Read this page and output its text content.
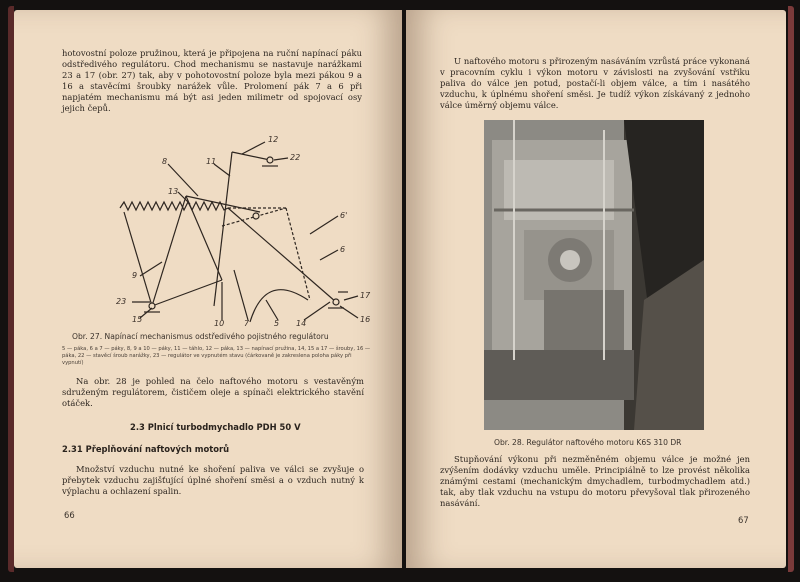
hotovostní poloze pružinou, která je připojena na ruční napínací páku odstředivého regulátoru. Chod mechanismu se nastavuje narážkami 23 a 17 (obr. 27) tak, aby v pohotovostní poloze byla mezi pákou 9 a 16 a stavěcími šroubky narážek vůle. Prolomení pák 7 a 6 při napjatém mechanismu má být asi jeden milimetr od spojovací osy jejich čepů.
12
22
8	11
13
6'
6
9
23
15	10 7	5 14
17
16
Obr. 27. Napínací mechanismus odstředivého pojistného regulátoru
5 — páka, 6 a 7 — páky, 8, 9 a 10 — páky, 11 — táhlo, 12 — páka, 13 — napínací pružina, 14, 15 a 17 — šrouby, 16 — páka, 22 — stavěcí šroub narážky, 23 — regulátor ve vypnutém stavu (čárkovaně je zakreslena poloha páky při vypnutí)
Na obr. 28 je pohled na čelo naftového motoru s vestavěným sdruženým regulátorem, čističem oleje a spínači elektrického stavění otáček.
2.3 Plnicí turbodmychadlo PDH 50 V
2.31 Přeplňování naftových motorů
Množství vzduchu nutné ke shoření paliva ve válci se zvyšuje o přebytek vzduchu zajišťující úplné shoření směsi a o vzduch nutný k výplachu a ochlazení spalin.
66
U naftového motoru s přirozeným nasáváním vzrůstá práce vykonaná v pracovním cyklu i výkon motoru v závislosti na zvyšování vstřiku paliva do válce jen potud, postačí-li objem válce, a tím i nasátého vzduchu, k úplnému shoření směsi. Je tudíž výkon získávaný z jednoho válce úměrný objemu válce.
Obr. 28. Regulátor naftového motoru K6S 310 DR
Stupňování výkonu při nezměněném objemu válce je možné jen zvýšením dodávky vzduchu uměle. Principiálně to lze provést několika známými cestami (mechanickým dmychadlem, turbodmychadlem atd.) tak, aby tlak vzduchu na vstupu do motoru převyšoval tlak přirozeného nasávání.
67
